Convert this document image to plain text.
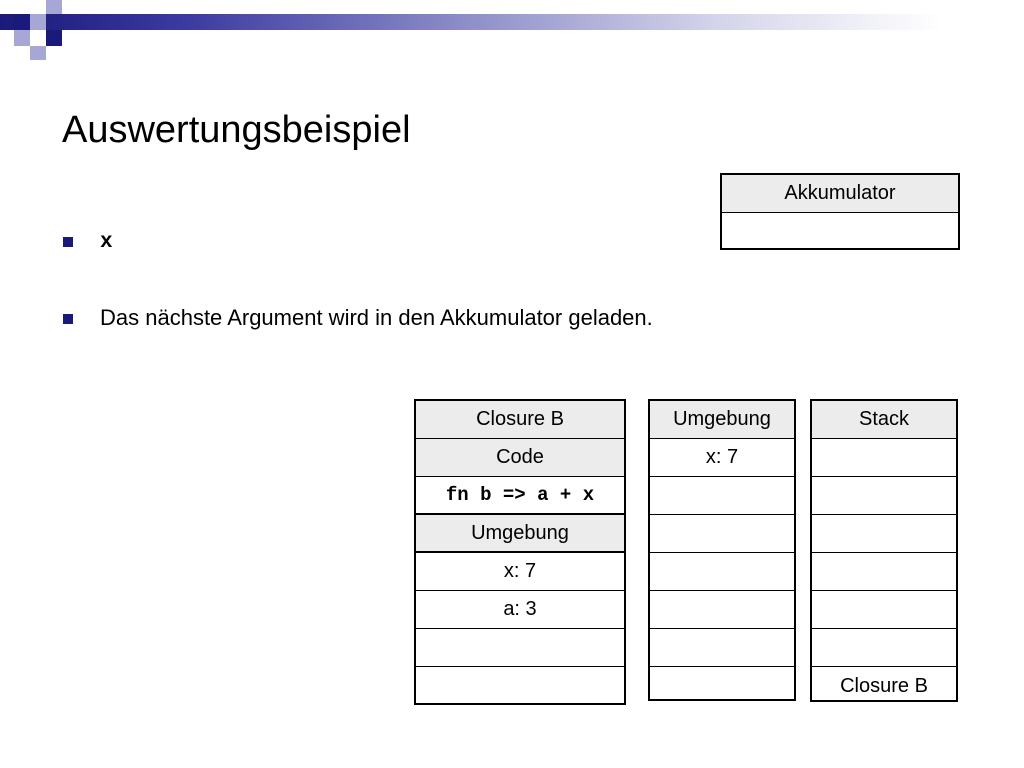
Auswertungsbeispiel
x
Das nächste Argument wird in den Akkumulator geladen.
Akkumulator
Closure B
Code
fn b => a + x
Umgebung
x: 7
a: 3
Umgebung
x: 7
Stack
Closure B
